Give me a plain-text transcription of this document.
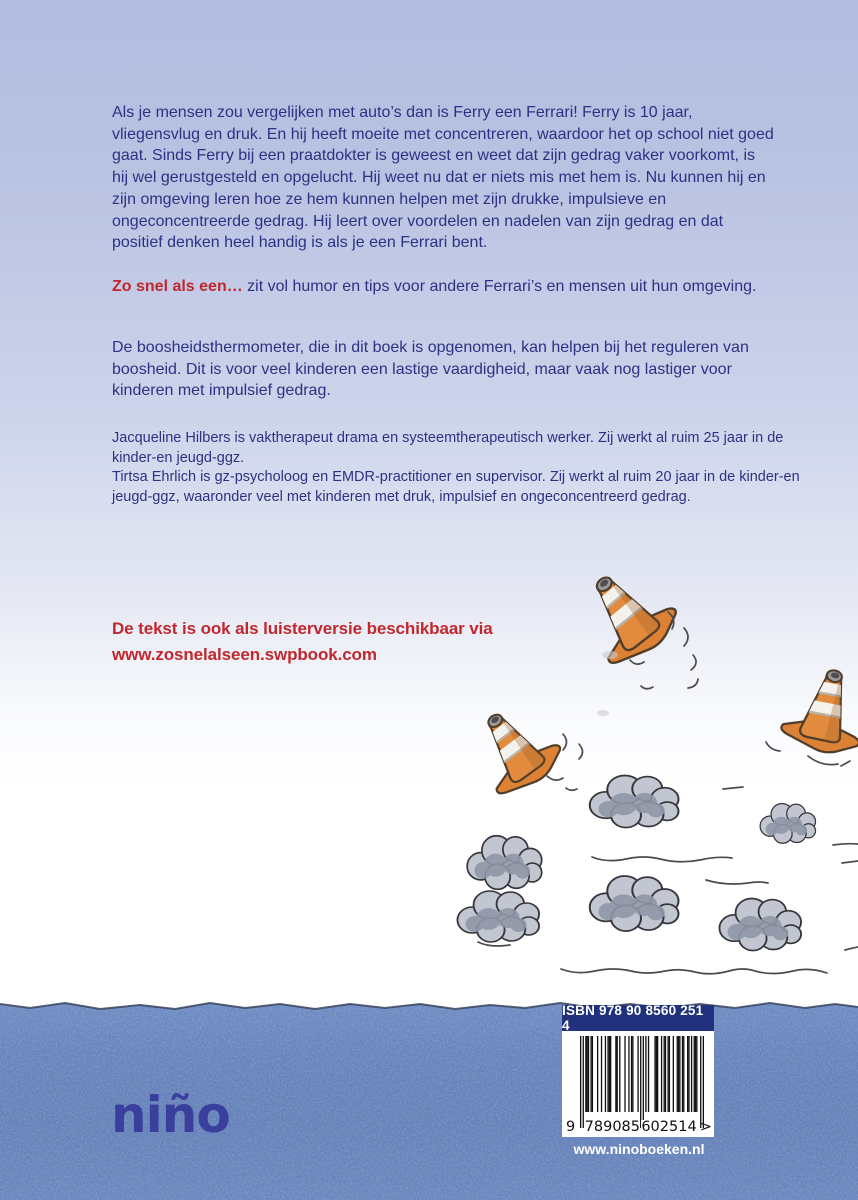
Als je mensen zou vergelijken met auto’s dan is Ferry een Ferrari! Ferry is 10 jaar, vliegensvlug en druk. En hij heeft moeite met concentreren, waardoor het op school niet goed gaat. Sinds Ferry bij een praatdokter is geweest en weet dat zijn gedrag vaker voorkomt, is hij wel gerustgesteld en opgelucht. Hij weet nu dat er niets mis met hem is. Nu kunnen hij en zijn omgeving leren hoe ze hem kunnen helpen met zijn drukke, impulsieve en ongeconcentreerde gedrag. Hij leert over voordelen en nadelen van zijn gedrag en dat positief denken heel handig is als je een Ferrari bent.
Zo snel als een… zit vol humor en tips voor andere Ferrari’s en mensen uit hun omgeving.
De boosheidsthermometer, die in dit boek is opgenomen, kan helpen bij het reguleren van boosheid. Dit is voor veel kinderen een lastige vaardigheid, maar vaak nog lastiger voor kinderen met impulsief gedrag.

Jacqueline Hilbers is vaktherapeut drama en systeemtherapeutisch werker. Zij werkt al ruim 25 jaar in de kinder-en jeugd-ggz.

Tirtsa Ehrlich is gz-psycholoog en EMDR-practitioner en supervisor. Zij werkt al ruim 20 jaar in de kinder-en jeugd-ggz, waaronder veel met kinderen met druk, impulsief en ongeconcentreerd gedrag.

De tekst is ook als luisterversie beschikbaar via
www.zosnelalseen.swpbook.com
niño
ISBN 978 90 8560 251 4
9 789085 602514 >
www.ninoboeken.nl
